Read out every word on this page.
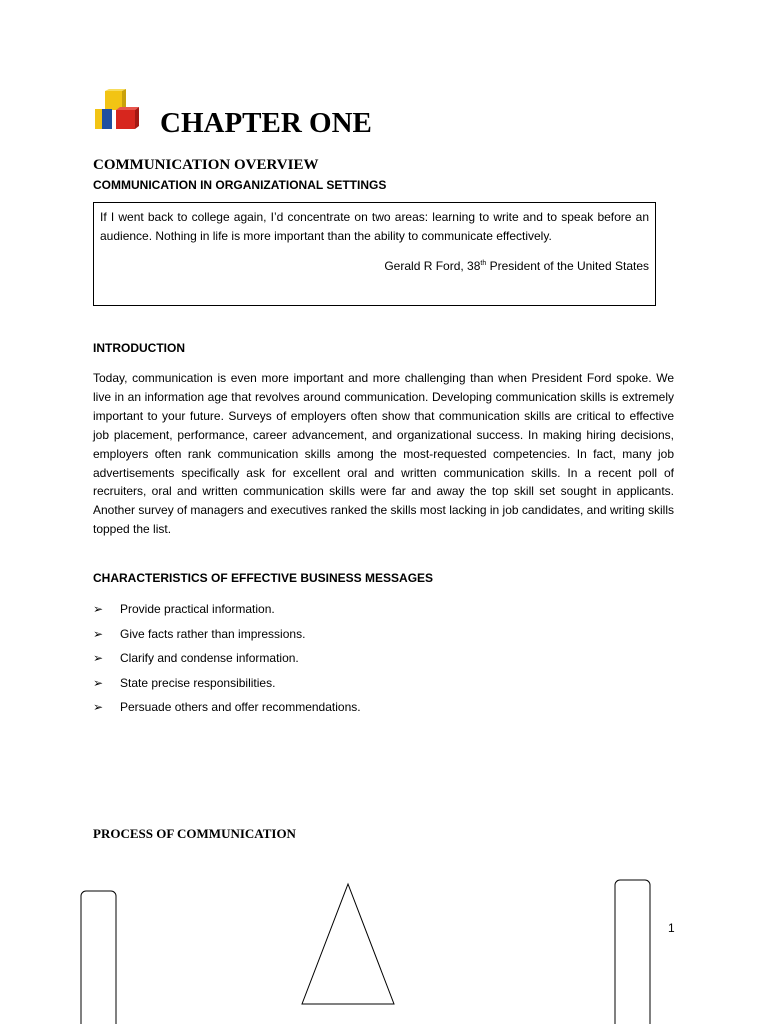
CHAPTER ONE
COMMUNICATION OVERVIEW
COMMUNICATION IN ORGANIZATIONAL SETTINGS

If I went back to college again, I’d concentrate on two areas: learning to write and to speak before an audience. Nothing in life is more important than the ability to communicate effectively.

Gerald R Ford, 38th President of the United States

INTRODUCTION

Today, communication is even more important and more challenging than when President Ford spoke. We live in an information age that revolves around communication. Developing communication skills is extremely important to your future. Surveys of employers often show that communication skills are critical to effective job placement, performance, career advancement, and organizational success. In making hiring decisions, employers often rank communication skills among the most-requested competencies. In fact, many job advertisements specifically ask for excellent oral and written communication skills. In a recent poll of recruiters, oral and written communication skills were far and away the top skill set sought in applicants. Another survey of managers and executives ranked the skills most lacking in job candidates, and writing skills topped the list.

CHARACTERISTICS OF EFFECTIVE BUSINESS MESSAGES
➢	Provide practical information.
➢	Give facts rather than impressions.
➢	Clarify and condense information.
➢	State precise responsibilities.
➢	Persuade others and offer recommendations.
PROCESS OF COMMUNICATION
1
